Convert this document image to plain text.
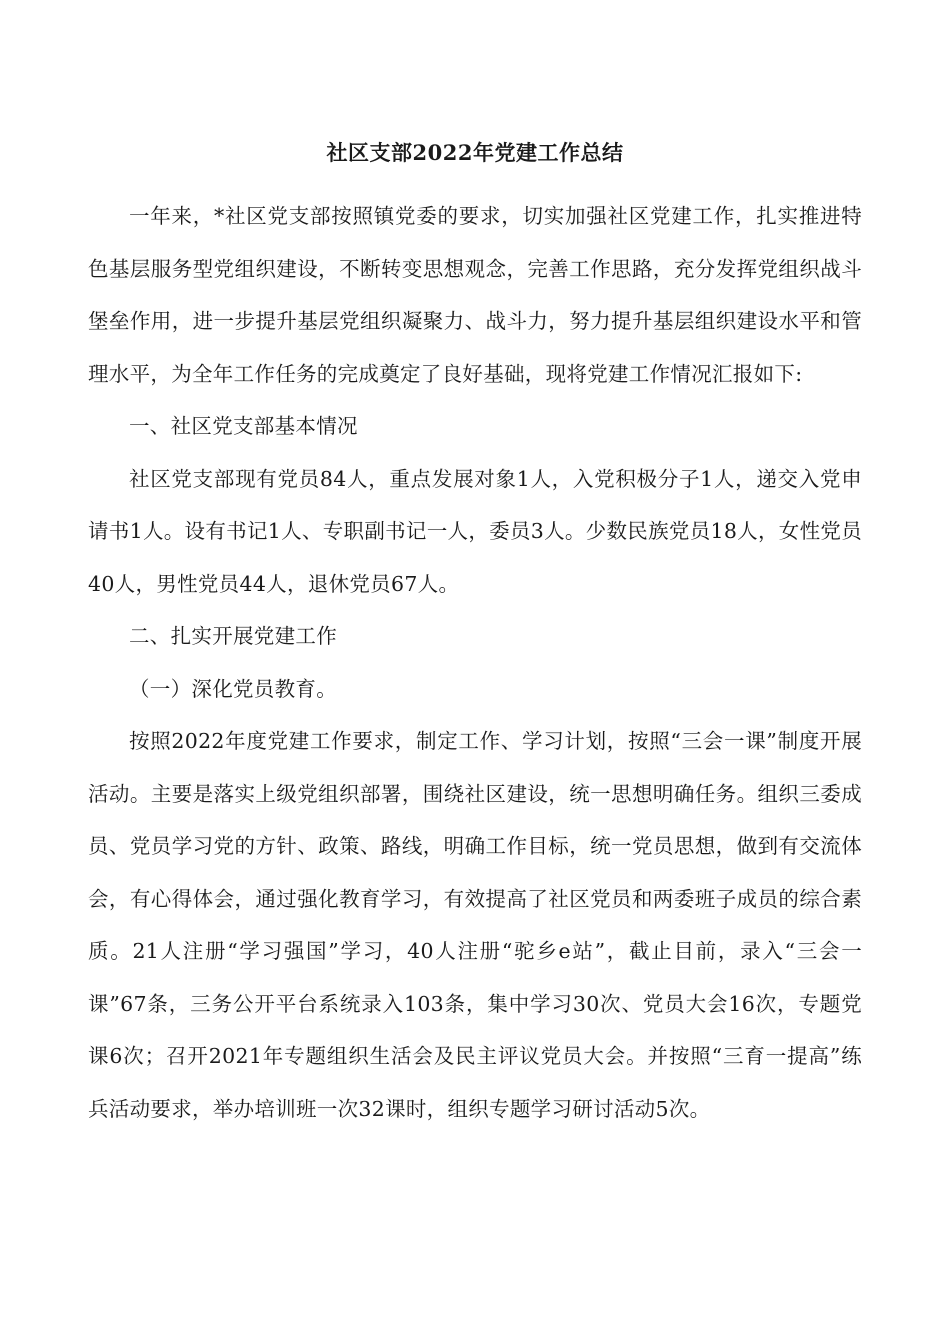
社区支部2022年党建工作总结

一年来，*社区党支部按照镇党委的要求，切实加强社区党建工作，扎实推进特色基层服务型党组织建设，不断转变思想观念，完善工作思路，充分发挥党组织战斗堡垒作用，进一步提升基层党组织凝聚力、战斗力，努力提升基层组织建设水平和管理水平，为全年工作任务的完成奠定了良好基础，现将党建工作情况汇报如下:

一、社区党支部基本情况

社区党支部现有党员84人，重点发展对象1人，入党积极分子1人，递交入党申请书1人。设有书记1人、专职副书记一人，委员3人。少数民族党员18人，女性党员40人，男性党员44人，退休党员67人。

二、扎实开展党建工作

（一）深化党员教育。

按照2022年度党建工作要求，制定工作、学习计划，按照“三会一课”制度开展活动。主要是落实上级党组织部署，围绕社区建设，统一思想明确任务。组织三委成员、党员学习党的方针、政策、路线，明确工作目标，统一党员思想，做到有交流体会，有心得体会，通过强化教育学习，有效提高了社区党员和两委班子成员的综合素质。21人注册“学习强国”学习，40人注册“驼乡e站”，截止目前，录入“三会一课”67条，三务公开平台系统录入103条，集中学习30次、党员大会16次，专题党课6次；召开2021年专题组织生活会及民主评议党员大会。并按照“三育一提高”练兵活动要求，举办培训班一次32课时，组织专题学习研讨活动5次。
